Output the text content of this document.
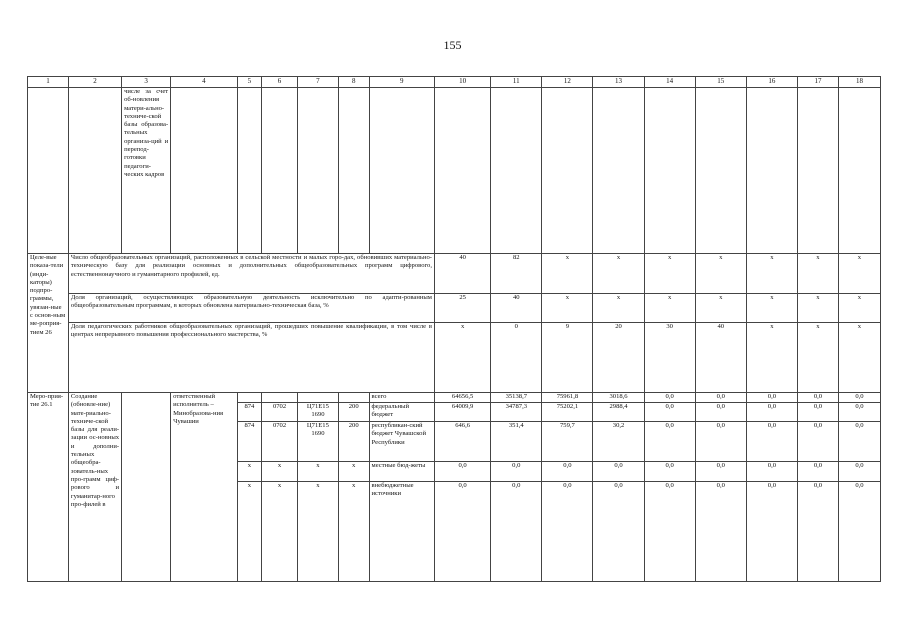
155
1	2	3	4	5	6	7	8	9	10	11	12	13	14	15	16	17	18
		числе за счет об-новления матери-ально-техниче-ской базы образова-тельных организа-ций и перепод-готовки педагоги-ческих кадров															
Целе-вые показа-тели (инди-каторы) подпро-граммы, увязан-ные с основ-ным ме-роприя-тием 26	Число общеобразовательных организаций, расположенных в сельской местности и малых горо-дах, обновивших материально-техническую базу для реализации основных и дополнительных общеобразовательных программ цифрового, естественнонаучного и гуманитарного профилей, ед.								40	82	x	x	x	x	x	x	x
	Доля организаций, осуществляющих образовательную деятельность исключительно по адапти-рованным общеобразовательным программам, в которых обновлена материально-техническая база, %								25	40	x	x	x	x	x	x	x
	Доля педагогических работников общеобразовательных организаций, прошедших повышение квалификации, в том числе в центрах непрерывного повышения профессионального мастерства, %								x	0	9	20	30	40	x	x	x
Меро-прия-тие 26.1	Создание (обновле-ние) мате-риально-техниче-ской базы для реали-зации ос-новных и дополни-тельных общеобра-зователь-ных про-грамм циф-рового и гуманитар-ного про-филей в		ответственный исполнитель – Минобразова-ния Чувашии					всего	64656,5	35138,7	75961,8	3018,6	0,0	0,0	0,0	0,0	0,0
				874	0702	Ц71Е15 1690	200	федеральный бюджет	64009,9	34787,3	75202,1	2988,4	0,0	0,0	0,0	0,0	0,0
				874	0702	Ц71Е15 1690	200	республикан-ский бюджет Чувашской Республики	646,6	351,4	759,7	30,2	0,0	0,0	0,0	0,0	0,0
				x	x	x	x	местные бюд-жеты	0,0	0,0	0,0	0,0	0,0	0,0	0,0	0,0	0,0
				x	x	x	x	внебюджетные источники	0,0	0,0	0,0	0,0	0,0	0,0	0,0	0,0	0,0
